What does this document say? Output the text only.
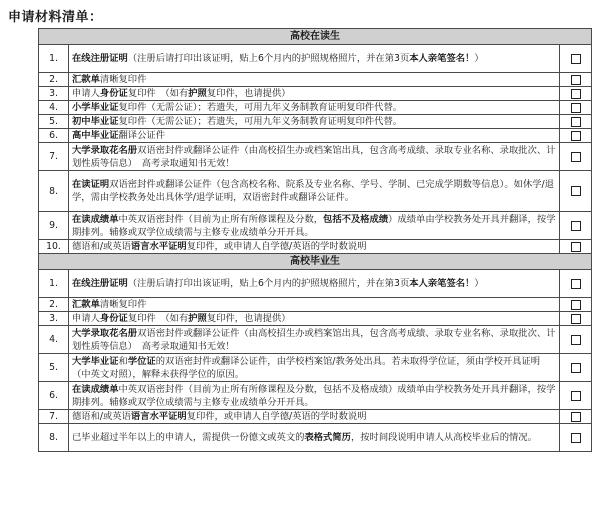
申请材料清单：
高校在读生		
1.	在线注册证明（注册后请打印出该证明，贴上6个月内的护照规格照片，并在第3页本人亲笔签名！）	
2.	汇款单清晰复印件	
3.	申请人身份证复印件　（如有护照复印件，也请提供）	
4.	小学毕业证复印件（无需公证）；若遗失，可用九年义务制教育证明复印件代替。	
5.	初中毕业证复印件（无需公证）；若遗失，可用九年义务制教育证明复印件代替。	
6.	高中毕业证翻译公证件	
7.	大学录取花名册双语密封件或翻译公证件（由高校招生办或档案馆出具，包含高考成绩、录取专业名称、录取批次、计划性质等信息）　高考录取通知书无效！	
8.	在读证明双语密封件或翻译公证件（包含高校名称、院系及专业名称、学号、学制、已完成学期数等信息）。如休学/退学，需由学校教务处出具休学/退学证明，双语密封件或翻译公证件。	
9.	在读成绩单中英双语密封件（目前为止所有所修课程及分数，包括不及格成绩）成绩单由学校教务处开具并翻译，按学期排列。辅修或双学位成绩需与主修专业成绩单分开开具。	
10.	德语和/或英语语言水平证明复印件，或申请人自学德/英语的学时数说明	
高校毕业生		
1.	在线注册证明（注册后请打印出该证明，贴上6个月内的护照规格照片，并在第3页本人亲笔签名！）	
2.	汇款单清晰复印件	
3.	申请人身份证复印件　（如有护照复印件，也请提供）	
4.	大学录取花名册双语密封件或翻译公证件（由高校招生办或档案馆出具，包含高考成绩、录取专业名称、录取批次、计划性质等信息）　高考录取通知书无效！	
5.	大学毕业证和学位证的双语密封件或翻译公证件，由学校档案馆/教务处出具。若未取得学位证，须由学校开具证明（中英文对照），解释未获得学位的原因。	
6.	在读成绩单中英双语密封件（目前为止所有所修课程及分数，包括不及格成绩）成绩单由学校教务处开具并翻译，按学期排列。辅修或双学位成绩需与主修专业成绩单分开开具。	
7.	德语和/或英语语言水平证明复印件，或申请人自学德/英语的学时数说明	
8.	已毕业超过半年以上的申请人，需提供一份德文或英文的表格式简历，按时间段说明申请人从高校毕业后的情况。	
